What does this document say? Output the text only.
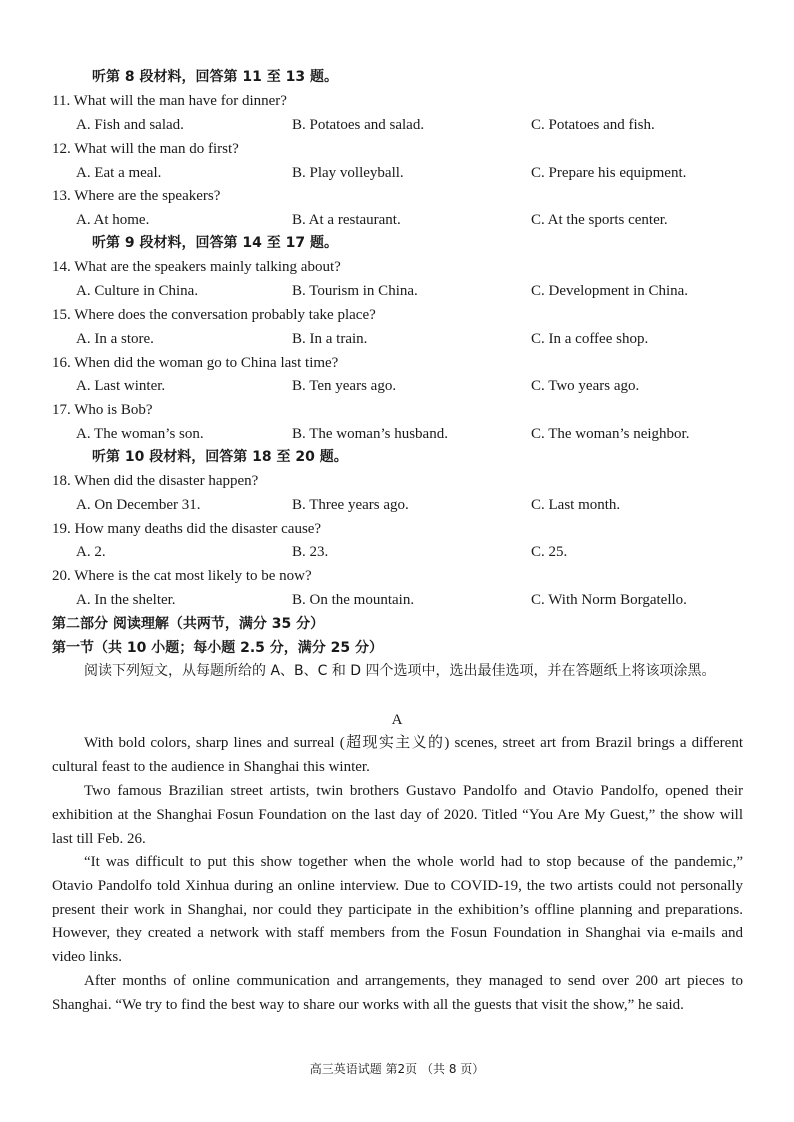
听第 8 段材料，回答第 11 至 13 题。
11. What will the man have for dinner?
A. Fish and salad.	B. Potatoes and salad.	C. Potatoes and fish.
12. What will the man do first?
A. Eat a meal.	B. Play volleyball.	C. Prepare his equipment.
13. Where are the speakers?
A. At home.	B. At a restaurant.	C. At the sports center.
听第 9 段材料，回答第 14 至 17 题。
14. What are the speakers mainly talking about?
A. Culture in China.	B. Tourism in China.	C. Development in China.
15. Where does the conversation probably take place?
A. In a store.	B. In a train.	C. In a coffee shop.
16. When did the woman go to China last time?
A. Last winter.	B. Ten years ago.	C. Two years ago.
17. Who is Bob?
A. The woman’s son.	B. The woman’s husband.	C. The woman’s neighbor.
听第 10 段材料，回答第 18 至 20 题。
18. When did the disaster happen?
A. On December 31.	B. Three years ago.	C. Last month.
19. How many deaths did the disaster cause?
A. 2.	B. 23.	C. 25.
20. Where is the cat most likely to be now?
A. In the shelter.	B. On the mountain.	C. With Norm Borgatello.
第二部分 阅读理解（共两节，满分 35 分）
第一节（共 10 小题；每小题 2.5 分，满分 25 分）
阅读下列短文，从每题所给的 A、B、C 和 D 四个选项中，选出最佳选项，并在答题纸上将该项涂黑。
A
With bold colors, sharp lines and surreal (超现实主义的) scenes, street art from Brazil brings a different cultural feast to the audience in Shanghai this winter.
Two famous Brazilian street artists, twin brothers Gustavo Pandolfo and Otavio Pandolfo, opened their exhibition at the Shanghai Fosun Foundation on the last day of 2020. Titled “You Are My Guest,” the show will last till Feb. 26.
“It was difficult to put this show together when the whole world had to stop because of the pandemic,” Otavio Pandolfo told Xinhua during an online interview. Due to COVID-19, the two artists could not personally present their work in Shanghai, nor could they participate in the exhibition’s offline planning and preparations. However, they created a network with staff members from the Fosun Foundation in Shanghai via e-mails and video links.
After months of online communication and arrangements, they managed to send over 200 art pieces to Shanghai. “We try to find the best way to share our works with all the guests that visit the show,” he said.
高三英语试题 第2页 （共 8 页）
